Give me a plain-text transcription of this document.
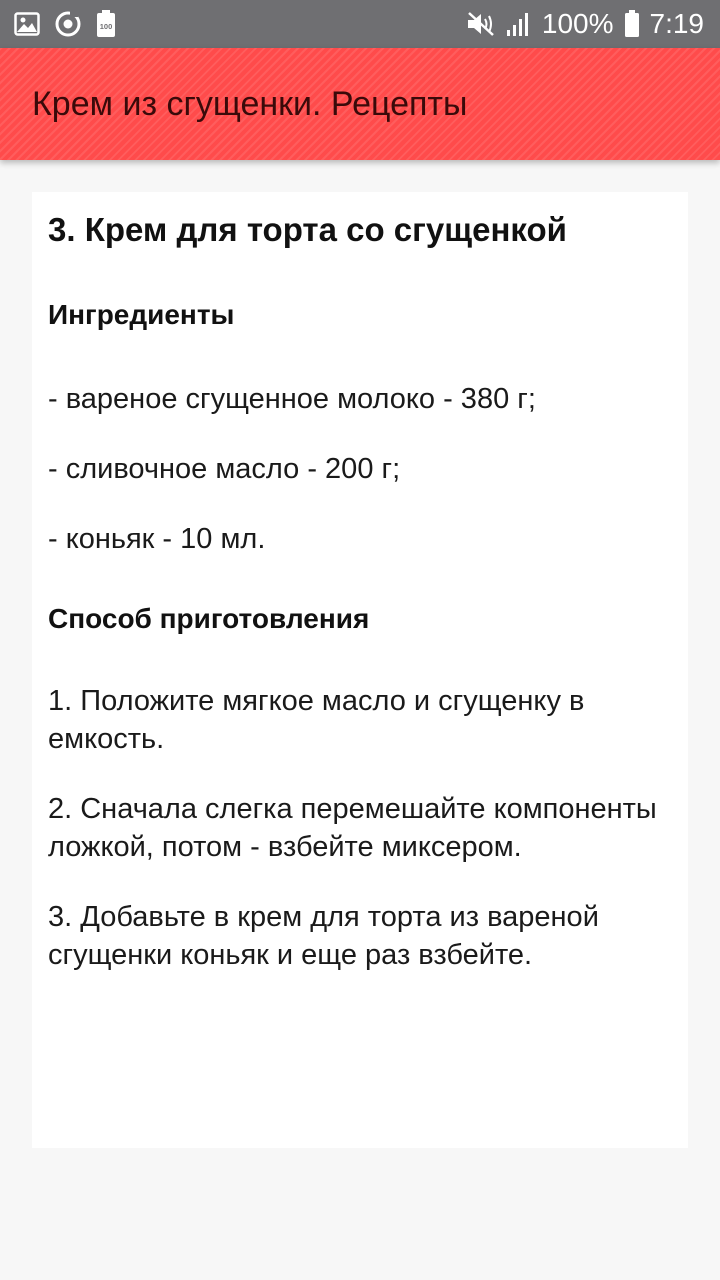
100	100% 7:19
Крем из сгущенки. Рецепты
3. Крем для торта со сгущенкой
Ингредиенты

- вареное сгущенное молоко - 380 г;

- сливочное масло - 200 г;

- коньяк - 10 мл.

Способ приготовления

1. Положите мягкое масло и сгущенку в емкость.

2. Сначала слегка перемешайте компоненты ложкой, потом - взбейте миксером.

3. Добавьте в крем для торта из вареной сгущенки коньяк и еще раз взбейте.
